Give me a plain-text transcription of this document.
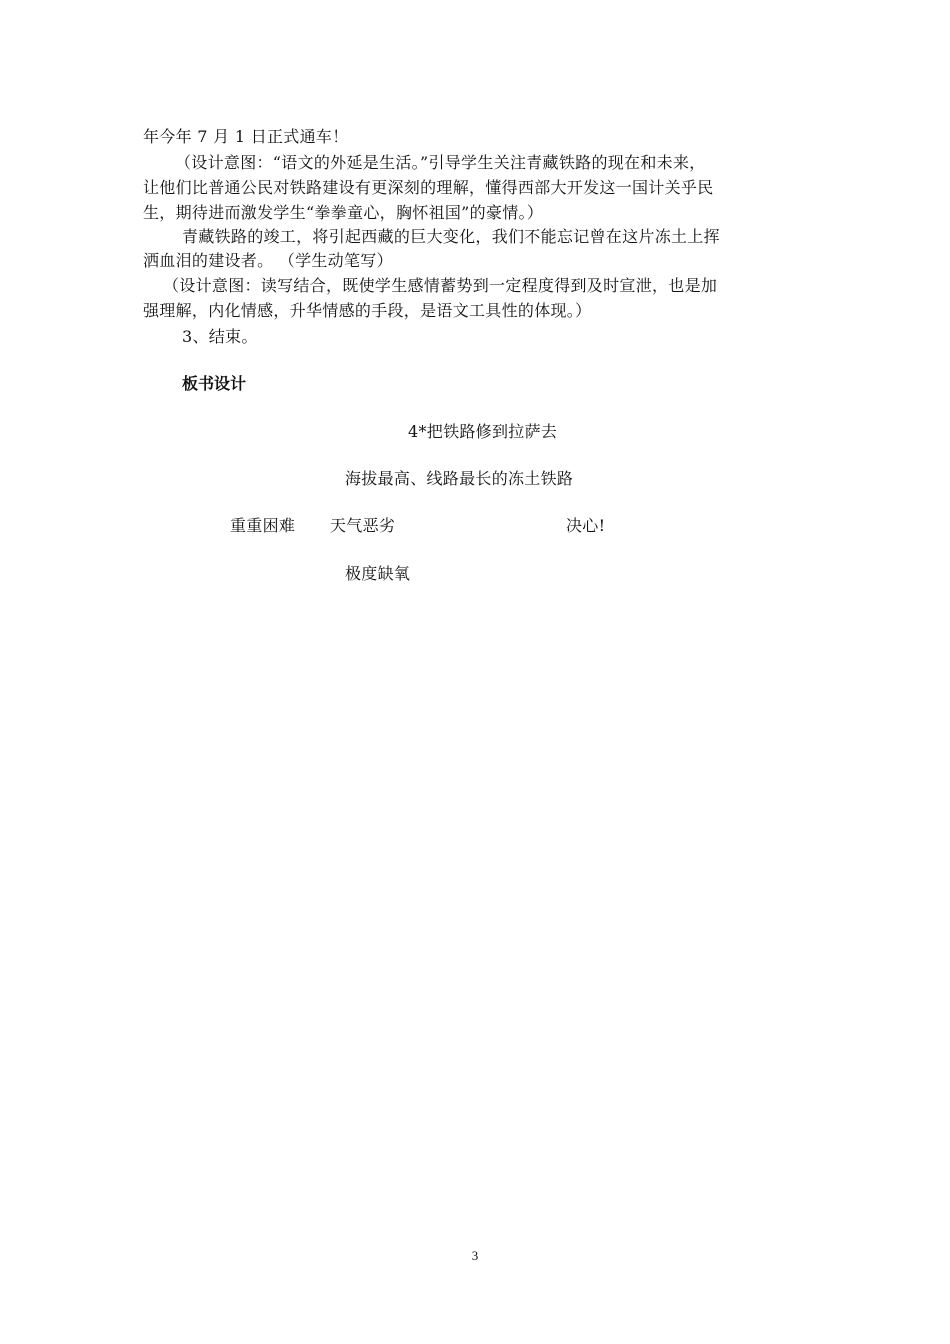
年今年 7 月 1 日正式通车！
（设计意图：“语文的外延是生活。”引导学生关注青藏铁路的现在和未来，
让他们比普通公民对铁路建设有更深刻的理解，懂得西部大开发这一国计关乎民
生，期待进而激发学生“拳拳童心，胸怀祖国”的豪情。）
青藏铁路的竣工，将引起西藏的巨大变化，我们不能忘记曾在这片冻土上挥
洒血泪的建设者。 （学生动笔写）
（设计意图：读写结合，既使学生感情蓄势到一定程度得到及时宣泄，也是加
强理解，内化情感，升华情感的手段，是语文工具性的体现。）
3、结束。
板书设计
4*把铁路修到拉萨去
海拔最高、线路最长的冻土铁路
重重困难 天气恶劣	决心!
极度缺氧
3
